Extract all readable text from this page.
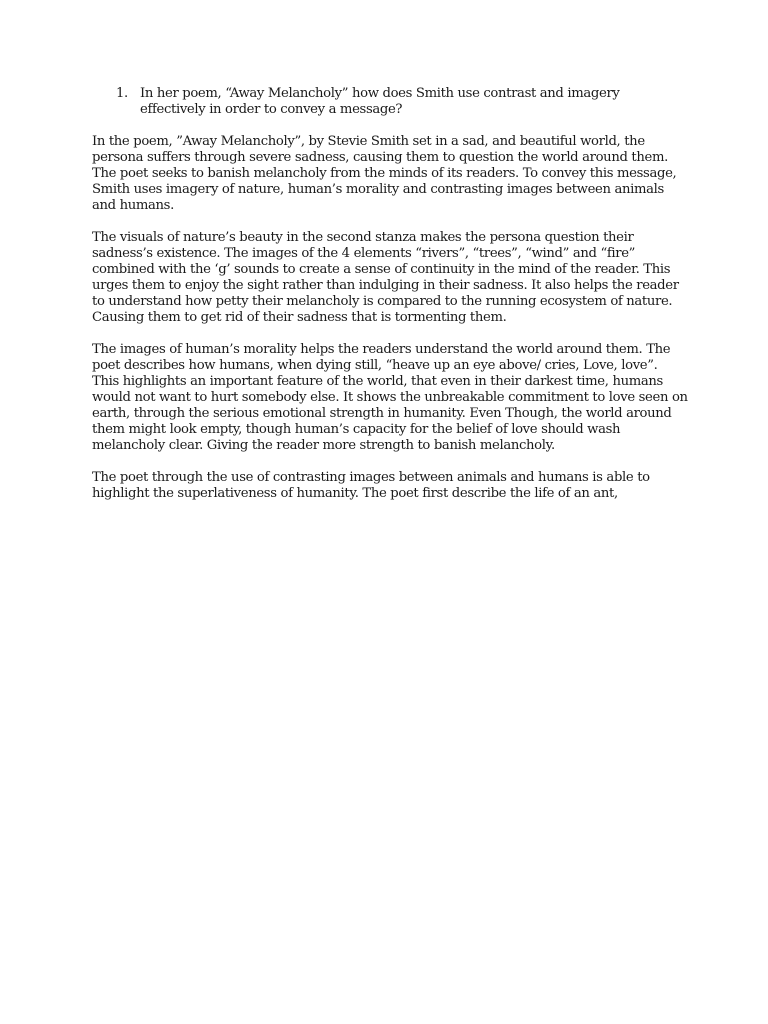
1. In her poem, “Away Melancholy” how does Smith use contrast and imagery effectively in order to convey a message?

In the poem, ”Away Melancholy”, by Stevie Smith set in a sad, and beautiful world, the persona suffers through severe sadness, causing them to question the world around them. The poet seeks to banish melancholy from the minds of its readers. To convey this message, Smith uses imagery of nature, human’s morality and contrasting images between animals and humans.

The visuals of nature’s beauty in the second stanza makes the persona question their sadness’s existence. The images of the 4 elements “rivers”, “trees”, “wind” and “fire” combined with the ‘g’ sounds to create a sense of continuity in the mind of the reader. This urges them to enjoy the sight rather than indulging in their sadness. It also helps the reader to understand how petty their melancholy is compared to the running ecosystem of nature. Causing them to get rid of their sadness that is tormenting them.

The images of human’s morality helps the readers understand the world around them. The poet describes how humans, when dying still, “heave up an eye above/ cries, Love, love”. This highlights an important feature of the world, that even in their darkest time, humans would not want to hurt somebody else. It shows the unbreakable commitment to love seen on earth, through the serious emotional strength in humanity. Even Though, the world around them might look empty, though human’s capacity for the belief of love should wash melancholy clear. Giving the reader more strength to banish melancholy.

The poet through the use of contrasting images between animals and humans is able to highlight the superlativeness of humanity. The poet first describe the life of an ant,
